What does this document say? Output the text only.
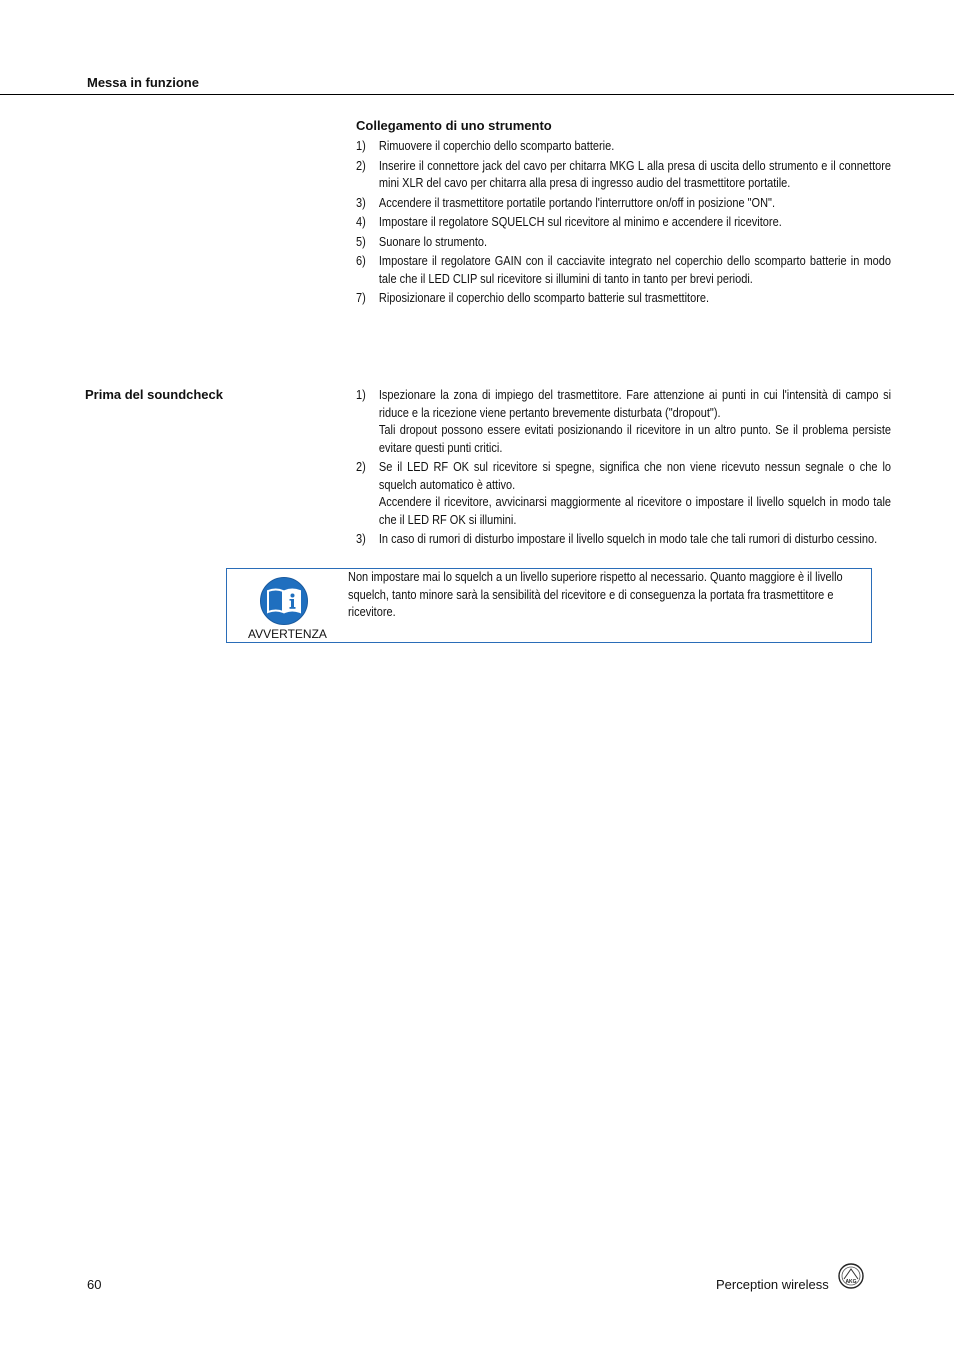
Messa in funzione
Collegamento di uno strumento
1) Rimuovere il coperchio dello scomparto batterie.
2) Inserire il connettore jack del cavo per chitarra MKG L alla presa di uscita dello strumento e il connettore mini XLR del cavo per chitarra alla presa di ingresso audio del trasmettitore portatile.
3) Accendere il trasmettitore portatile portando l'interruttore on/off in posizione "ON".
4) Impostare il regolatore SQUELCH sul ricevitore al minimo e accendere il ricevitore.
5) Suonare lo strumento.
6) Impostare il regolatore GAIN con il cacciavite integrato nel coperchio dello scomparto batterie in modo tale che il LED CLIP sul ricevitore si illumini di tanto in tanto per brevi periodi.
7) Riposizionare il coperchio dello scomparto batterie sul trasmettitore.
Prima del soundcheck	1) Ispezionare la zona di impiego del trasmettitore. Fare attenzione ai punti in cui l'intensità di campo si riduce e la ricezione viene pertanto brevemente disturbata ("dropout").
Tali dropout possono essere evitati posizionando il ricevitore in un altro punto. Se il problema persiste evitare questi punti critici.
2) Se il LED RF OK sul ricevitore si spegne, significa che non viene ricevuto nessun segnale o che lo squelch automatico è attivo.
Accendere il ricevitore, avvicinarsi maggiormente al ricevitore o impostare il livello squelch in modo tale che il LED RF OK si illumini.
3) In caso di rumori di disturbo impostare il livello squelch in modo tale che tali rumori di disturbo cessino.
AVVERTENZA
Non impostare mai lo squelch a un livello superiore rispetto al necessario. Quanto maggiore è il livello squelch, tanto minore sarà la sensibilità del ricevitore e di conseguenza la portata fra trasmettitore e ricevitore.
60	Perception wireless	AKG
